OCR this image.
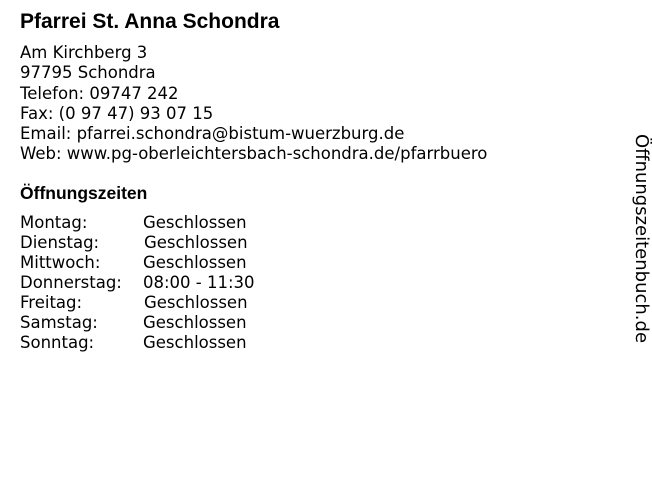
Pfarrei St. Anna Schondra
Am Kirchberg 3
97795 Schondra
Telefon: 09747 242
Fax: (0 97 47) 93 07 15
Email: pfarrei.schondra@bistum-wuerzburg.de
Web: www.pg-oberleichtersbach-schondra.de/pfarrbuero
Öffnungszeiten
Montag:	Geschlossen
Dienstag:	Geschlossen
Mittwoch:	Geschlossen
Donnerstag: 08:00 - 11:30
Freitag:	Geschlossen
Samstag:	Geschlossen
Sonntag:	Geschlossen	Öffnungszeitenbuch.de
